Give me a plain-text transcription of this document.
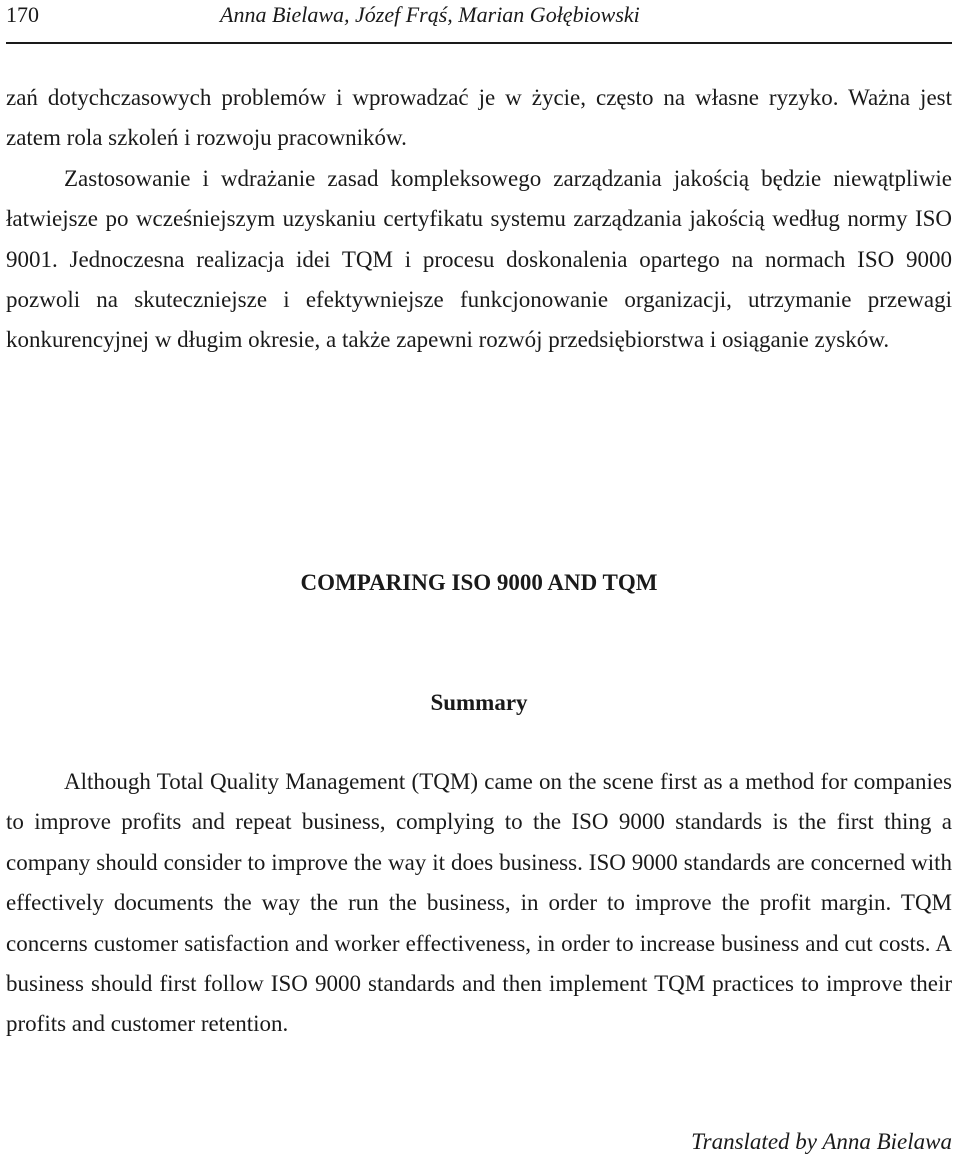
170	Anna Bielawa, Józef Frąś, Marian Gołębiowski

zań dotychczasowych problemów i wprowadzać je w życie, często na własne ryzyko. Ważna jest zatem rola szkoleń i rozwoju pracowników.

Zastosowanie i wdrażanie zasad kompleksowego zarządzania jakością będzie niewątpliwie łatwiejsze po wcześniejszym uzyskaniu certyfikatu systemu zarządzania jakością według normy ISO 9001. Jednoczesna realizacja idei TQM i procesu doskonalenia opartego na normach ISO 9000 pozwoli na skuteczniejsze i efektywniejsze funkcjonowanie organizacji, utrzymanie przewagi konkurencyjnej w długim okresie, a także zapewni rozwój przedsiębiorstwa i osiąganie zysków.

COMPARING ISO 9000 AND TQM
Summary

Although Total Quality Management (TQM) came on the scene first as a method for companies to improve profits and repeat business, complying to the ISO 9000 standards is the first thing a company should consider to improve the way it does business. ISO 9000 standards are concerned with effectively documents the way the run the business, in order to improve the profit margin. TQM concerns customer satisfaction and worker effectiveness, in order to increase business and cut costs. A business should first follow ISO 9000 standards and then implement TQM practices to improve their profits and customer retention.

Translated by Anna Bielawa
